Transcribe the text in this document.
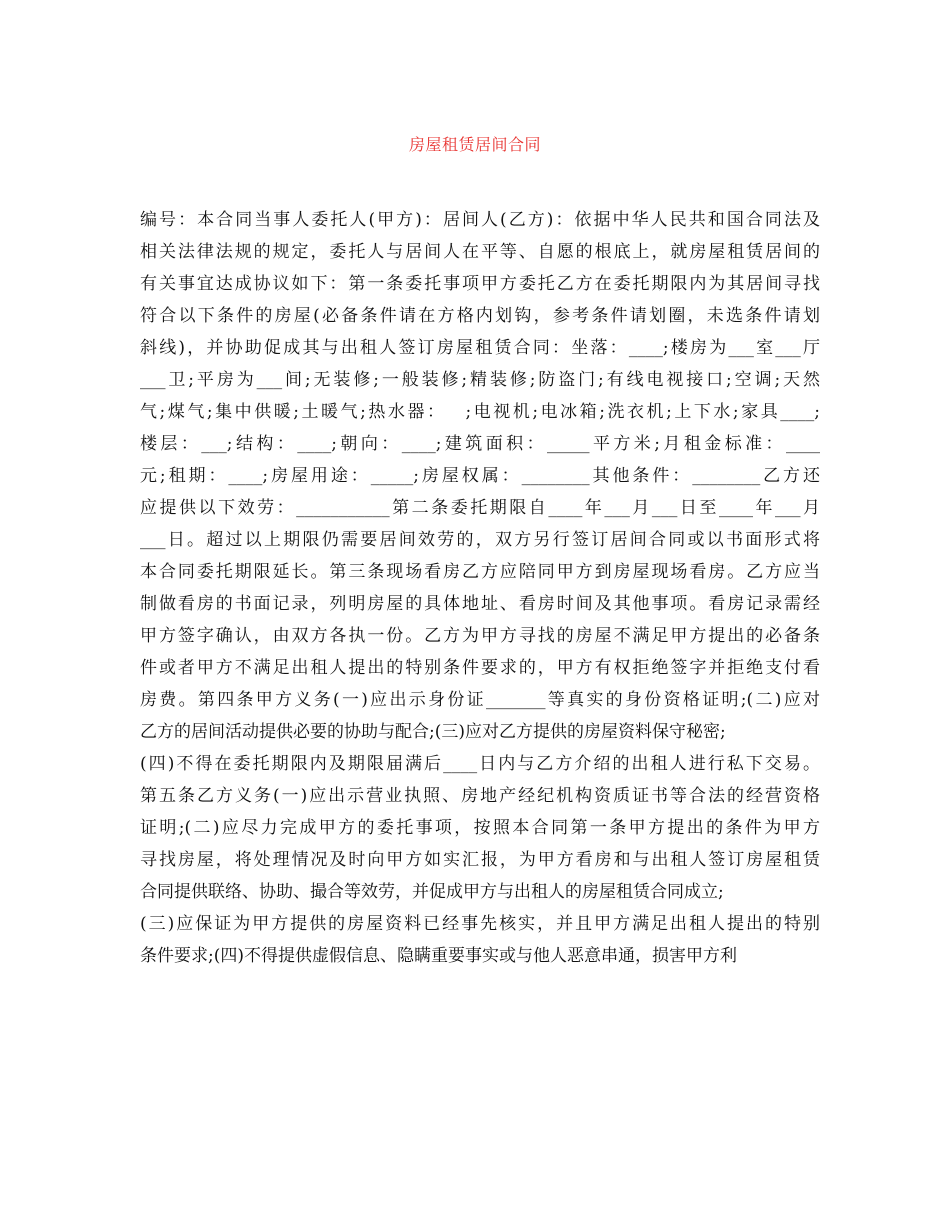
房屋租赁居间合同
编号：本合同当事人委托人(甲方)：居间人(乙方)：依据中华人民共和国合同法及
相关法律法规的规定，委托人与居间人在平等、自愿的根底上，就房屋租赁居间的
有关事宜达成协议如下：第一条委托事项甲方委托乙方在委托期限内为其居间寻找
符合以下条件的房屋(必备条件请在方格内划钩，参考条件请划圈，未选条件请划
斜线)，并协助促成其与出租人签订房屋租赁合同：坐落：____;楼房为___室___厅
___卫;平房为___间;无装修;一般装修;精装修;防盗门;有线电视接口;空调;天然
气;煤气;集中供暖;土暖气;热水器：　 ;电视机;电冰箱;洗衣机;上下水;家具____;
楼层：___;结构：____;朝向：____;建筑面积：_____平方米;月租金标准：____
元;租期：____;房屋用途：_____;房屋权属：________其他条件：________乙方还
应提供以下效劳：___________第二条委托期限自____年___月___日至____年___月
___日。超过以上期限仍需要居间效劳的，双方另行签订居间合同或以书面形式将
本合同委托期限延长。第三条现场看房乙方应陪同甲方到房屋现场看房。乙方应当
制做看房的书面记录，列明房屋的具体地址、看房时间及其他事项。看房记录需经
甲方签字确认，由双方各执一份。乙方为甲方寻找的房屋不满足甲方提出的必备条
件或者甲方不满足出租人提出的特别条件要求的，甲方有权拒绝签字并拒绝支付看
房费。第四条甲方义务(一)应出示身份证_______等真实的身份资格证明;(二)应对
乙方的居间活动提供必要的协助与配合;(三)应对乙方提供的房屋资料保守秘密;
(四)不得在委托期限内及期限届满后____日内与乙方介绍的出租人进行私下交易。
第五条乙方义务(一)应出示营业执照、房地产经纪机构资质证书等合法的经营资格
证明;(二)应尽力完成甲方的委托事项，按照本合同第一条甲方提出的条件为甲方
寻找房屋，将处理情况及时向甲方如实汇报，为甲方看房和与出租人签订房屋租赁
合同提供联络、协助、撮合等效劳，并促成甲方与出租人的房屋租赁合同成立;
(三)应保证为甲方提供的房屋资料已经事先核实，并且甲方满足出租人提出的特别
条件要求;(四)不得提供虚假信息、隐瞒重要事实或与他人恶意串通，损害甲方利
